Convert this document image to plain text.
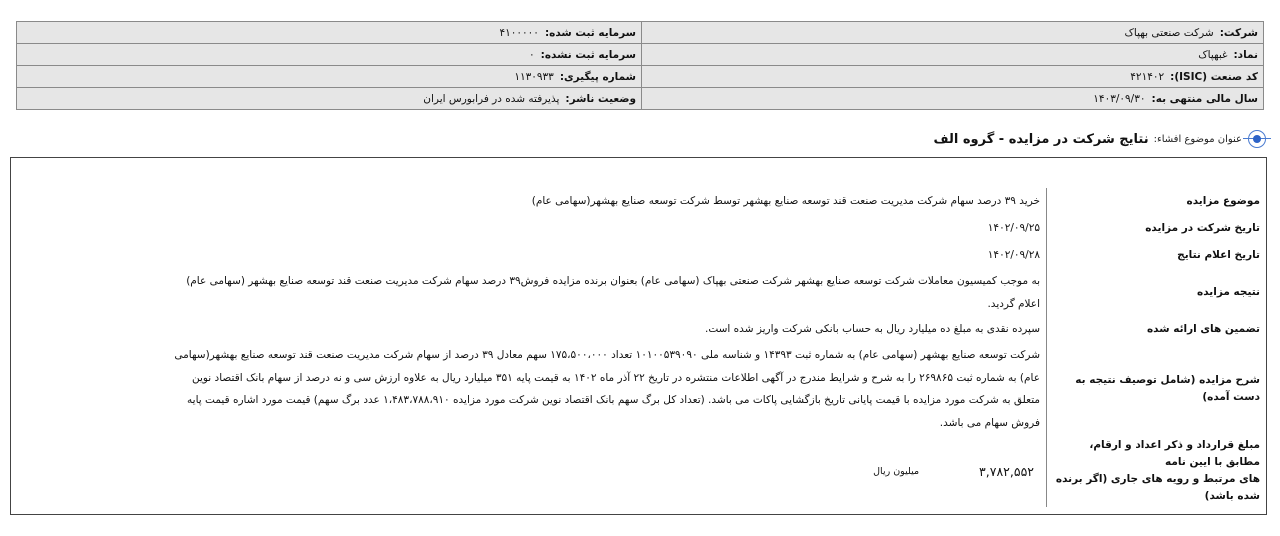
شرکت:شرکت صنعتی بهپاک	سرمایه ثبت شده:۴۱۰۰۰۰۰
نماد:غبهپاک	سرمایه ثبت نشده:۰
کد صنعت (ISIC):۴۲۱۴۰۲	شماره پیگیری:۱۱۳۰۹۳۳
سال مالی منتهی به:۱۴۰۳/۰۹/۳۰	وضعیت ناشر:پذیرفته شده در فرابورس ایران
عنوان موضوع افشاء:
نتایج شرکت در مزایده - گروه الف
موضوع مزایده
خرید ۳۹ درصد سهام شرکت مدیریت صنعت قند توسعه صنایع بهشهر توسط شرکت توسعه صنایع بهشهر(سهامی عام)
تاریخ شرکت در مزایده
۱۴۰۲/۰۹/۲۵
تاریخ اعلام نتایج
۱۴۰۲/۰۹/۲۸
نتیجه مزایده
به موجب کمیسیون معاملات شرکت توسعه صنایع بهشهر شرکت صنعتی بهپاک (سهامی عام) بعنوان برنده مزایده فروش۳۹ درصد سهام شرکت مدیریت صنعت قند توسعه صنایع بهشهر (سهامی عام)
اعلام گردید.
تضمین های ارائه شده
سپرده نقدی به مبلغ ده میلیارد ریال به حساب بانکی شرکت واریز شده است.
شرح مزایده (شامل توصیف نتیجه به دست آمده)
شرکت توسعه صنایع بهشهر (سهامی عام) به شماره ثبت ۱۴۳۹۳ و شناسه ملی ۱۰۱۰۰۵۳۹۰۹۰ تعداد ۱۷۵،۵۰۰،۰۰۰ سهم معادل ۳۹ درصد از سهام شرکت مدیریت صنعت قند توسعه صنایع بهشهر(سهامی
عام) به شماره ثبت ۲۶۹۸۶۵ را به شرح و شرایط مندرج در آگهی اطلاعات منتشره در تاریخ ۲۲ آذر ماه ۱۴۰۲ به قیمت پایه ۳۵۱ میلیارد ریال به علاوه ارزش سی و نه درصد از سهام بانک اقتصاد نوین
متعلق به شرکت مورد مزایده با قیمت پایانی تاریخ بازگشایی پاکات می باشد. (تعداد کل برگ سهم بانک اقتصاد نوین شرکت مورد مزایده ۱،۴۸۳،۷۸۸،۹۱۰ عدد برگ سهم) قیمت مورد اشاره قیمت پایه
فروش سهام می باشد.
مبلغ قرارداد و ذکر اعداد و ارقام، مطابق با ایین نامه
های مرتبط و رویه های جاری (اگر برنده شده باشد)
۳,۷۸۲,۵۵۲
میلیون ریال
